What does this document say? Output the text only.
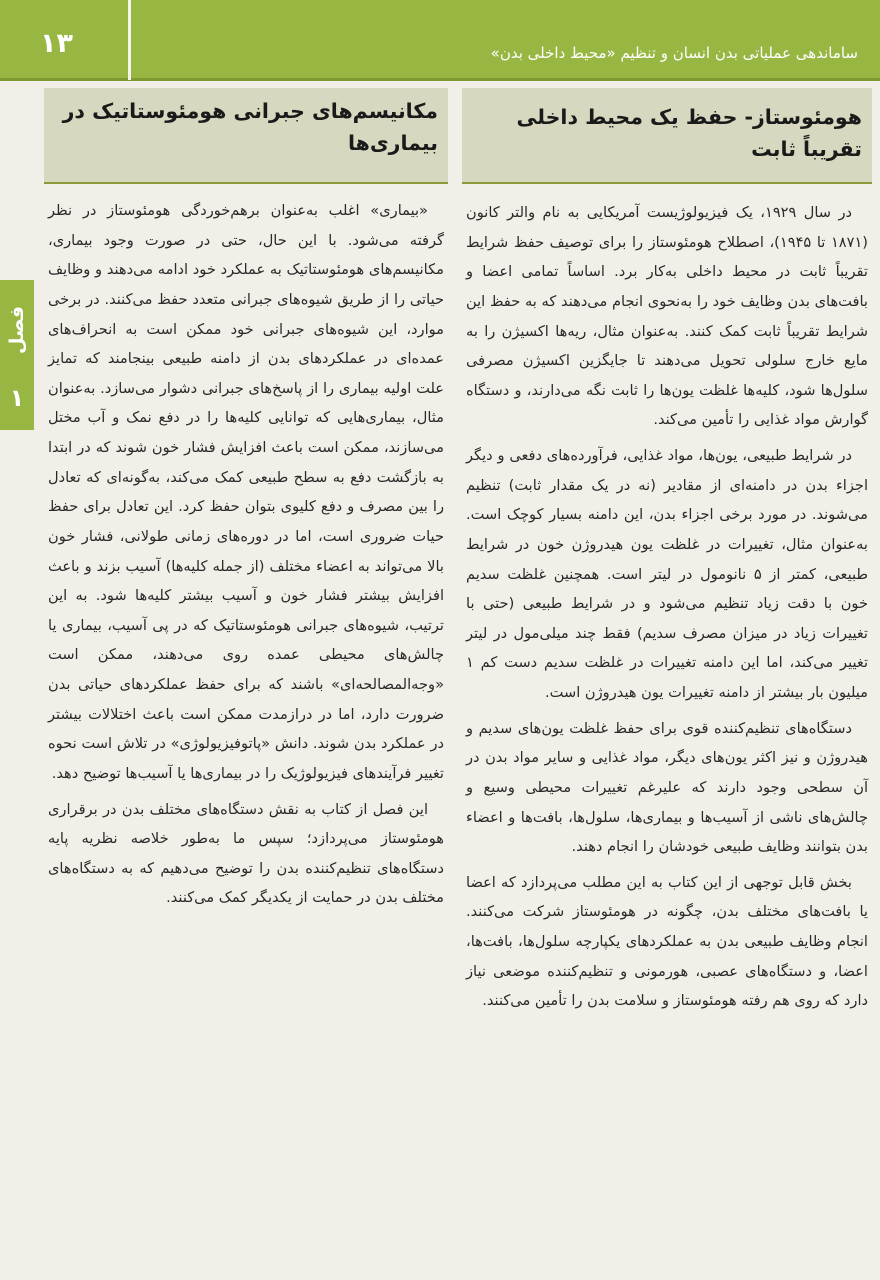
۱۳	ساماندهی عملیاتی بدن انسان و تنظیم «محیط داخلی بدن»
فصل
۱
هومئوستاز- حفظ یک محیط داخلی تقریباً ثابت

در سال ۱۹۲۹، یک فیزیولوژیست آمریکایی به نام والتر کانون (۱۸۷۱ تا ۱۹۴۵)، اصطلاح هومئوستاز را برای توصیف حفظ شرایط تقریباً ثابت در محیط داخلی به‌کار برد. اساساً تمامی اعضا و بافت‌های بدن وظایف خود را به‌نحوی انجام می‌دهند که به حفظ این شرایط تقریباً ثابت کمک کنند. به‌عنوان مثال، ریه‌ها اکسیژن را به مایع خارج سلولی تحویل می‌دهند تا جایگزین اکسیژن مصرفی سلول‌ها شود، کلیه‌ها غلظت یون‌ها را ثابت نگه می‌دارند، و دستگاه گوارش مواد غذایی را تأمین می‌کند.

در شرایط طبیعی، یون‌ها، مواد غذایی، فرآورده‌های دفعی و دیگر اجزاء بدن در دامنه‌ای از مقادیر (نه در یک مقدار ثابت) تنظیم می‌شوند. در مورد برخی اجزاء بدن، این دامنه بسیار کوچک است. به‌عنوان مثال، تغییرات در غلظت یون هیدروژن خون در شرایط طبیعی، کمتر از ۵ نانومول در لیتر است. همچنین غلظت سدیم خون با دقت زیاد تنظیم می‌شود و در شرایط طبیعی (حتی با تغییرات زیاد در میزان مصرف سدیم) فقط چند میلی‌مول در لیتر تغییر می‌کند، اما این دامنه تغییرات در غلظت سدیم دست کم ۱ میلیون بار بیشتر از دامنه تغییرات یون هیدروژن است.

دستگاه‌های تنظیم‌کننده قوی برای حفظ غلظت یون‌های سدیم و هیدروژن و نیز اکثر یون‌های دیگر، مواد غذایی و سایر مواد بدن در آن سطحی وجود دارند که علیرغم تغییرات محیطی وسیع و چالش‌های ناشی از آسیب‌ها و بیماری‌ها، سلول‌ها، بافت‌ها و اعضاء بدن بتوانند وظایف طبیعی خودشان را انجام دهند.

بخش قابل توجهی از این کتاب به این مطلب می‌پردازد که اعضا یا بافت‌های مختلف بدن، چگونه در هومئوستاز شرکت می‌کنند. انجام وظایف طبیعی بدن به عملکردهای یکپارچه سلول‌ها، بافت‌ها، اعضا، و دستگاه‌های عصبی، هورمونی و تنظیم‌کننده موضعی نیاز دارد که روی هم رفته هومئوستاز و سلامت بدن را تأمین می‌کنند.

مکانیسم‌های جبرانی هومئوستاتیک در بیماری‌ها

«بیماری» اغلب به‌عنوان برهم‌خوردگی هومئوستاز در نظر گرفته می‌شود. با این حال، حتی در صورت وجود بیماری، مکانیسم‌های هومئوستاتیک به عملکرد خود ادامه می‌دهند و وظایف حیاتی را از طریق شیوه‌های جبرانی متعدد حفظ می‌کنند. در برخی موارد، این شیوه‌های جبرانی خود ممکن است به انحراف‌های عمده‌ای در عملکردهای بدن از دامنه طبیعی بینجامند که تمایز علت اولیه بیماری را از پاسخ‌های جبرانی دشوار می‌سازد. به‌عنوان مثال، بیماری‌هایی که توانایی کلیه‌ها را در دفع نمک و آب مختل می‌سازند، ممکن است باعث افزایش فشار خون شوند که در ابتدا به بازگشت دفع به سطح طبیعی کمک می‌کند، به‌گونه‌ای که تعادل را بین مصرف و دفع کلیوی بتوان حفظ کرد. این تعادل برای حفظ حیات ضروری است، اما در دوره‌های زمانی طولانی، فشار خون بالا می‌تواند به اعضاء مختلف (از جمله کلیه‌ها) آسیب بزند و باعث افزایش بیشتر فشار خون و آسیب بیشتر کلیه‌ها شود. به این ترتیب، شیوه‌های جبرانی هومئوستاتیک که در پی آسیب، بیماری یا چالش‌های محیطی عمده روی می‌دهند، ممکن است «وجه‌المصالحه‌ای» باشند که برای حفظ عملکردهای حیاتی بدن ضرورت دارد، اما در درازمدت ممکن است باعث اختلالات بیشتر در عملکرد بدن شوند. دانش «پاتوفیزیولوژی» در تلاش است نحوه تغییر فرآیندهای فیزیولوژیک را در بیماری‌ها یا آسیب‌ها توضیح دهد.

این فصل از کتاب به نقش دستگاه‌های مختلف بدن در برقراری هومئوستاز می‌پردازد؛ سپس ما به‌طور خلاصه نظریه پایه دستگاه‌های تنظیم‌کننده بدن را توضیح می‌دهیم که به دستگاه‌های مختلف بدن در حمایت از یکدیگر کمک می‌کنند.
